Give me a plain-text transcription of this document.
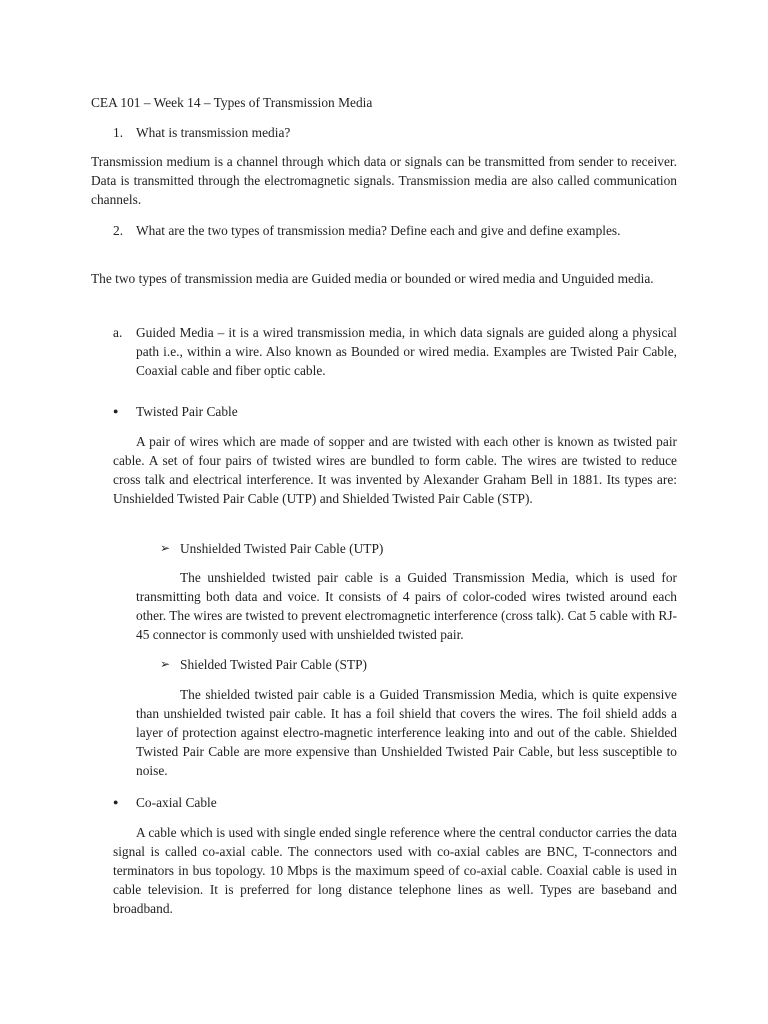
CEA 101 – Week 14 – Types of Transmission Media

1. What is transmission media?

Transmission medium is a channel through which data or signals can be transmitted from sender to receiver. Data is transmitted through the electromagnetic signals. Transmission media are also called communication channels.

2. What are the two types of transmission media? Define each and give and define examples.

The two types of transmission media are Guided media or bounded or wired media and Unguided media.

a. Guided Media – it is a wired transmission media, in which data signals are guided along a physical path i.e., within a wire. Also known as Bounded or wired media. Examples are Twisted Pair Cable, Coaxial cable and fiber optic cable.

● Twisted Pair Cable

A pair of wires which are made of sopper and are twisted with each other is known as twisted pair cable. A set of four pairs of twisted wires are bundled to form cable. The wires are twisted to reduce cross talk and electrical interference. It was invented by Alexander Graham Bell in 1881. Its types are: Unshielded Twisted Pair Cable (UTP) and Shielded Twisted Pair Cable (STP).

➢ Unshielded Twisted Pair Cable (UTP)

The unshielded twisted pair cable is a Guided Transmission Media, which is used for transmitting both data and voice. It consists of 4 pairs of color-coded wires twisted around each other. The wires are twisted to prevent electromagnetic interference (cross talk). Cat 5 cable with RJ-45 connector is commonly used with unshielded twisted pair.

➢ Shielded Twisted Pair Cable (STP)

The shielded twisted pair cable is a Guided Transmission Media, which is quite expensive than unshielded twisted pair cable. It has a foil shield that covers the wires. The foil shield adds a layer of protection against electro-magnetic interference leaking into and out of the cable. Shielded Twisted Pair Cable are more expensive than Unshielded Twisted Pair Cable, but less susceptible to noise.

● Co-axial Cable

A cable which is used with single ended single reference where the central conductor carries the data signal is called co-axial cable. The connectors used with co-axial cables are BNC, T-connectors and terminators in bus topology. 10 Mbps is the maximum speed of co-axial cable. Coaxial cable is used in cable television. It is preferred for long distance telephone lines as well. Types are baseband and broadband.
